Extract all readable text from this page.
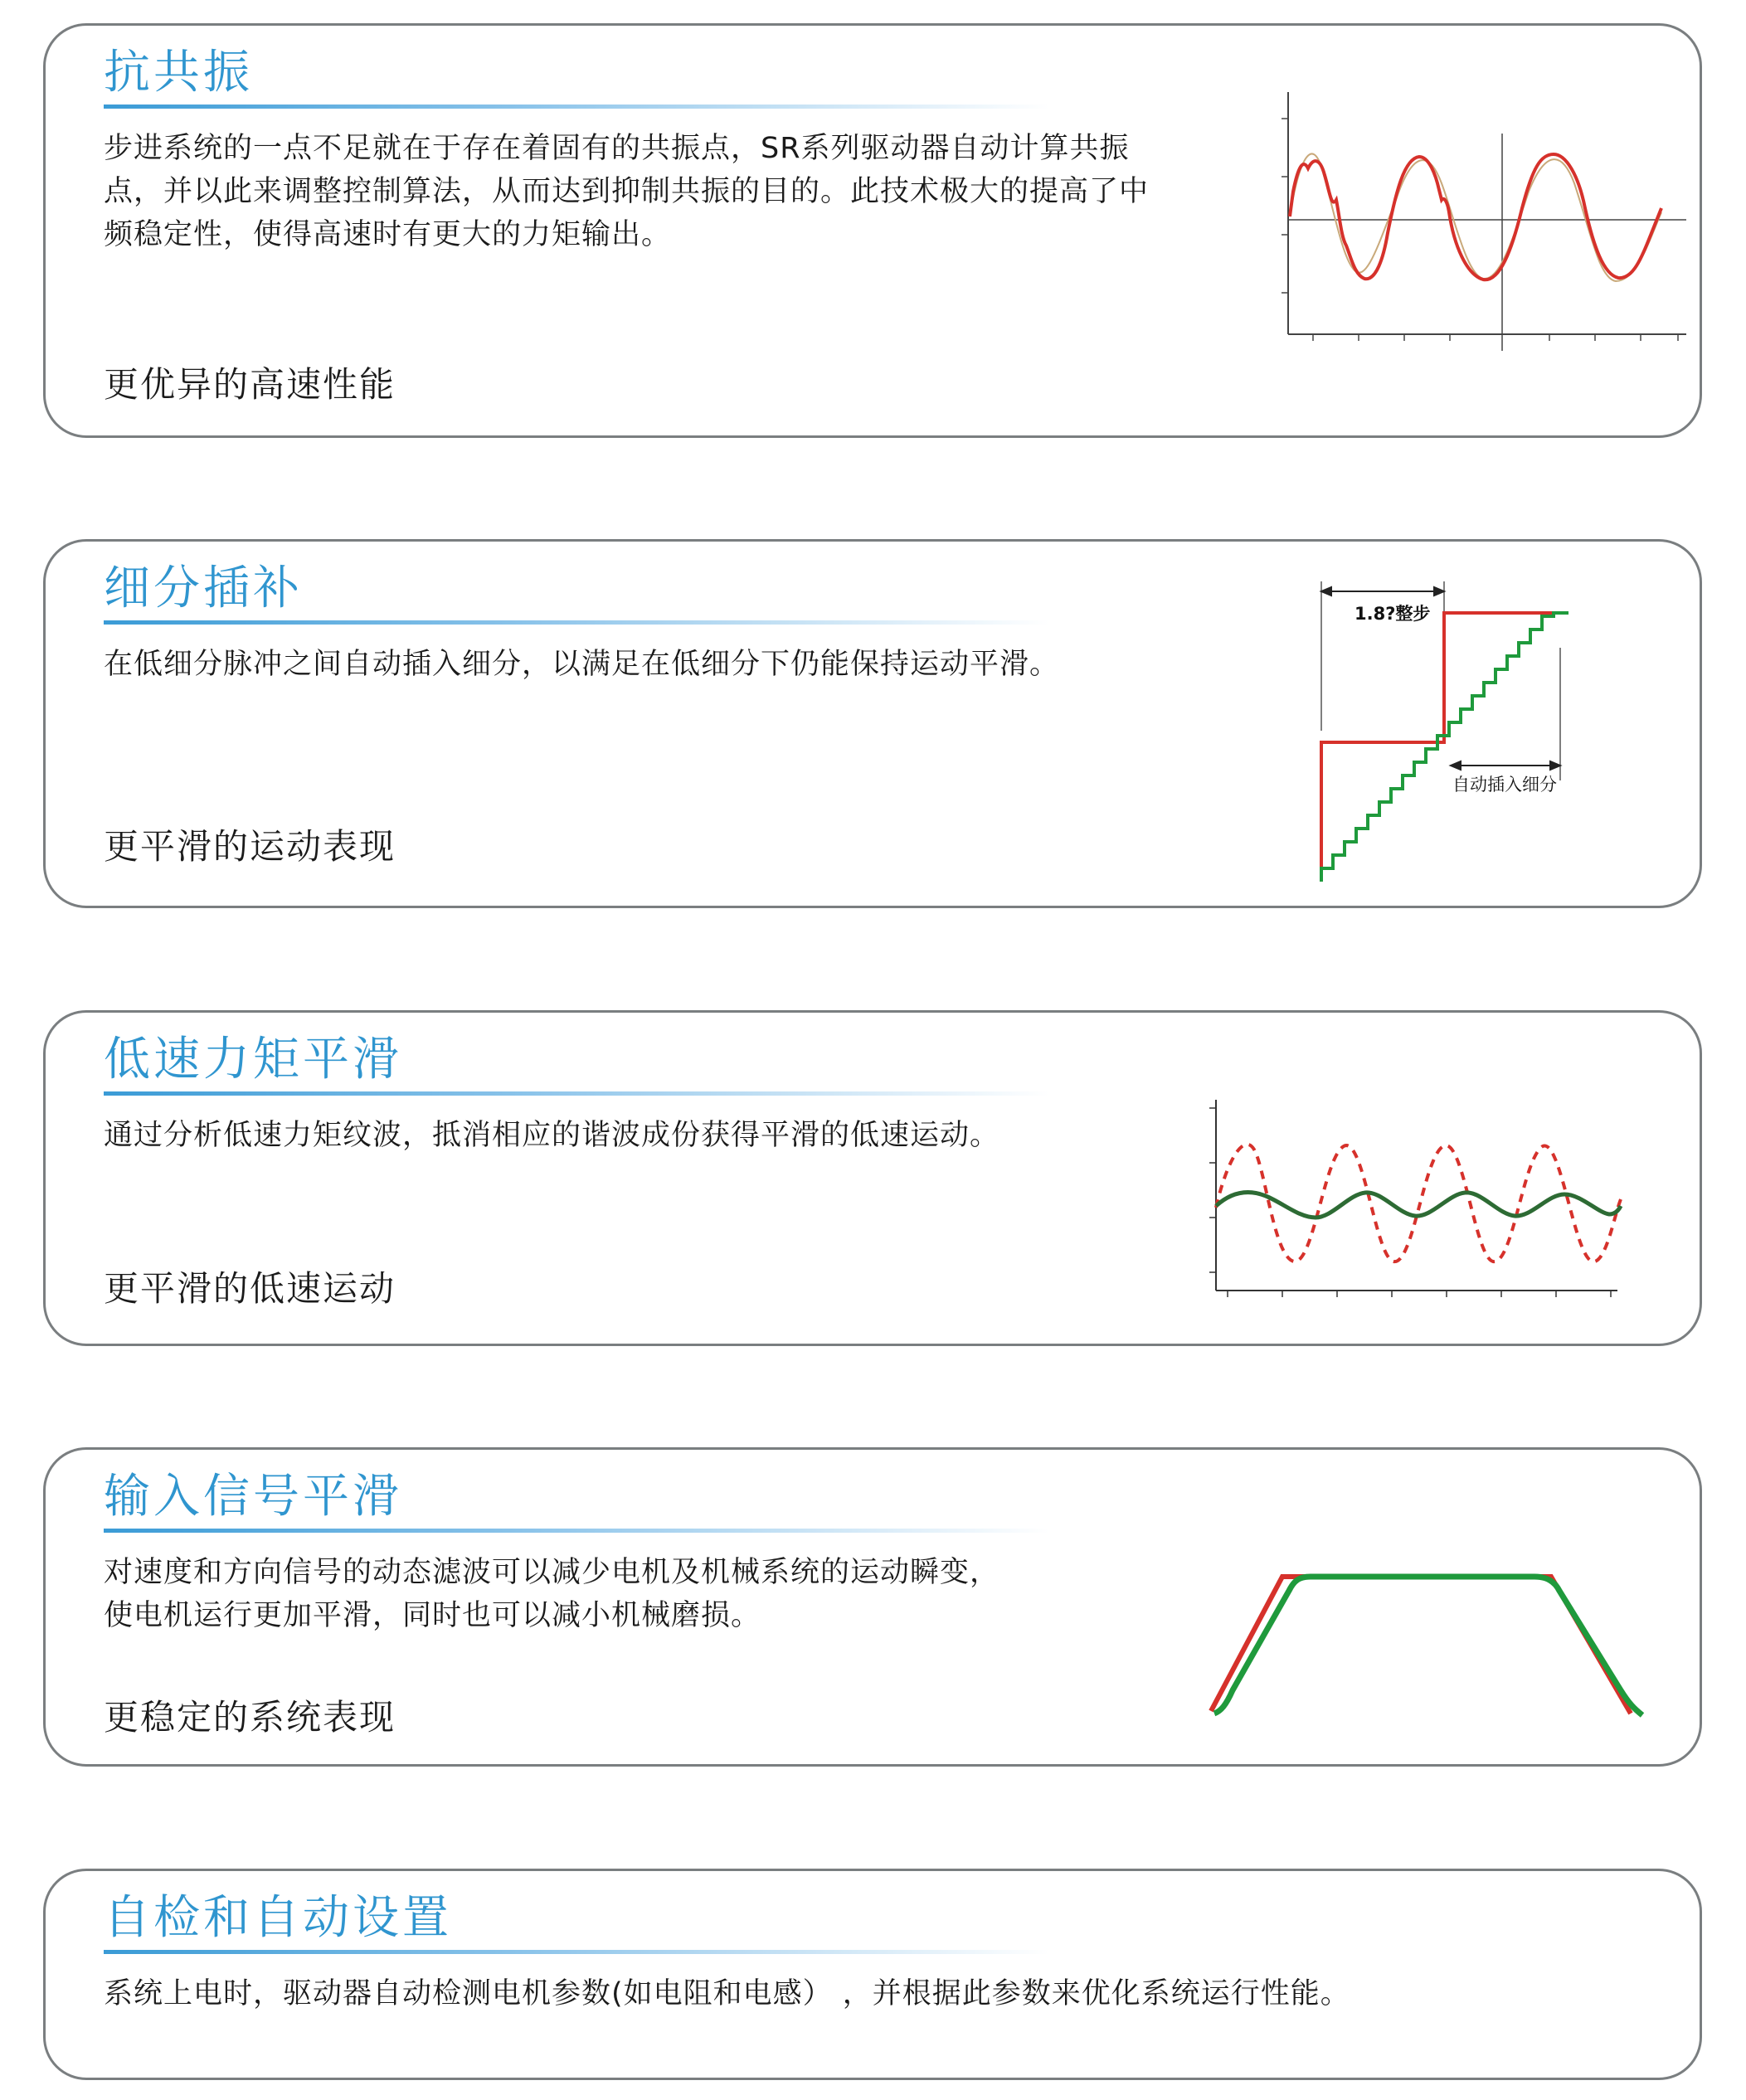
抗共振
步进系统的一点不足就在于存在着固有的共振点，SR系列驱动器自动计算共振
点，并以此来调整控制算法，从而达到抑制共振的目的。此技术极大的提高了中
频稳定性，使得高速时有更大的力矩输出。
更优异的高速性能
细分插补
在低细分脉冲之间自动插入细分，以满足在低细分下仍能保持运动平滑。
更平滑的运动表现
1.8?整步
自动插入细分
低速力矩平滑
通过分析低速力矩纹波，抵消相应的谐波成份获得平滑的低速运动。
更平滑的低速运动
输入信号平滑
对速度和方向信号的动态滤波可以减少电机及机械系统的运动瞬变，
使电机运行更加平滑，同时也可以减小机械磨损。
更稳定的系统表现
自检和自动设置
系统上电时，驱动器自动检测电机参数(如电阻和电感） ，并根据此参数来优化系统运行性能。
